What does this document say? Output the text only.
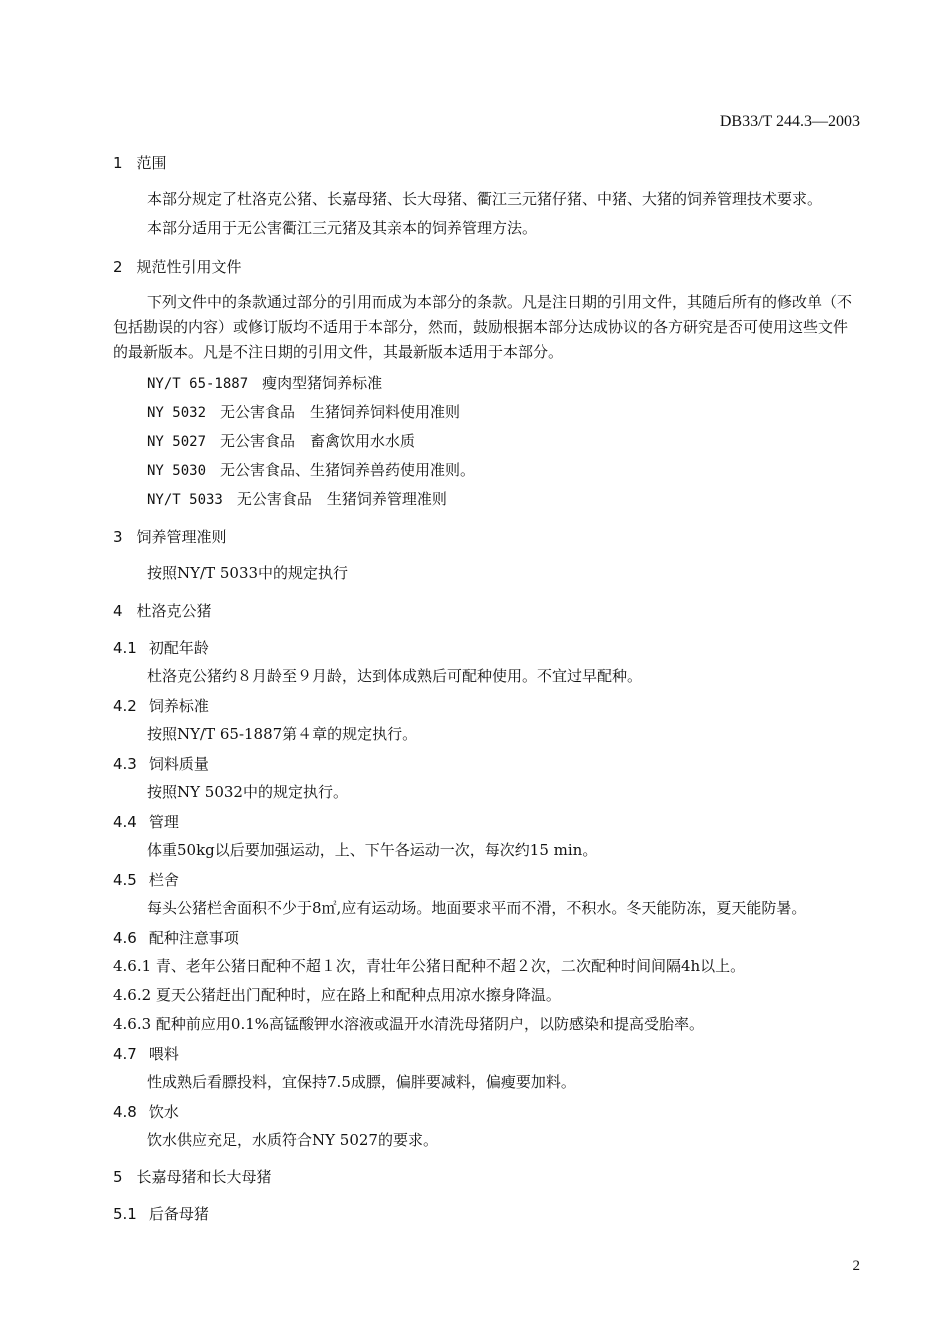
DB33/T 244.3—2003
1 范围
本部分规定了杜洛克公猪、长嘉母猪、长大母猪、衢江三元猪仔猪、中猪、大猪的饲养管理技术要求。
本部分适用于无公害衢江三元猪及其亲本的饲养管理方法。
2 规范性引用文件
下列文件中的条款通过部分的引用而成为本部分的条款。凡是注日期的引用文件，其随后所有的修改单（不包括勘误的内容）或修订版均不适用于本部分，然而，鼓励根据本部分达成协议的各方研究是否可使用这些文件的最新版本。凡是不注日期的引用文件，其最新版本适用于本部分。
NY/T 65-1887 瘦肉型猪饲养标准
NY 5032 无公害食品　生猪饲养饲料使用准则
NY 5027 无公害食品　畜禽饮用水水质
NY 5030 无公害食品、生猪饲养兽药使用准则。
NY/T 5033 无公害食品　生猪饲养管理准则
3 饲养管理准则
按照NY/T 5033中的规定执行
4 杜洛克公猪
4.1 初配年龄
杜洛克公猪约８月龄至９月龄，达到体成熟后可配种使用。不宜过早配种。
4.2 饲养标准
按照NY/T 65-1887第４章的规定执行。
4.3 饲料质量
按照NY 5032中的规定执行。
4.4 管理
体重50kg以后要加强运动，上、下午各运动一次，每次约15 min。
4.5 栏舍
每头公猪栏舍面积不少于8㎡,应有运动场。地面要求平而不滑，不积水。冬天能防冻，夏天能防暑。
4.6 配种注意事项
4.6.1 青、老年公猪日配种不超１次，青壮年公猪日配种不超２次，二次配种时间间隔4h以上。
4.6.2 夏天公猪赶出门配种时，应在路上和配种点用凉水擦身降温。
4.6.3 配种前应用0.1%高锰酸钾水溶液或温开水清洗母猪阴户，以防感染和提高受胎率。
4.7 喂料
性成熟后看膘投料，宜保持7.5成膘，偏胖要减料，偏瘦要加料。
4.8 饮水
饮水供应充足，水质符合NY 5027的要求。
5 长嘉母猪和长大母猪
5.1 后备母猪
2
